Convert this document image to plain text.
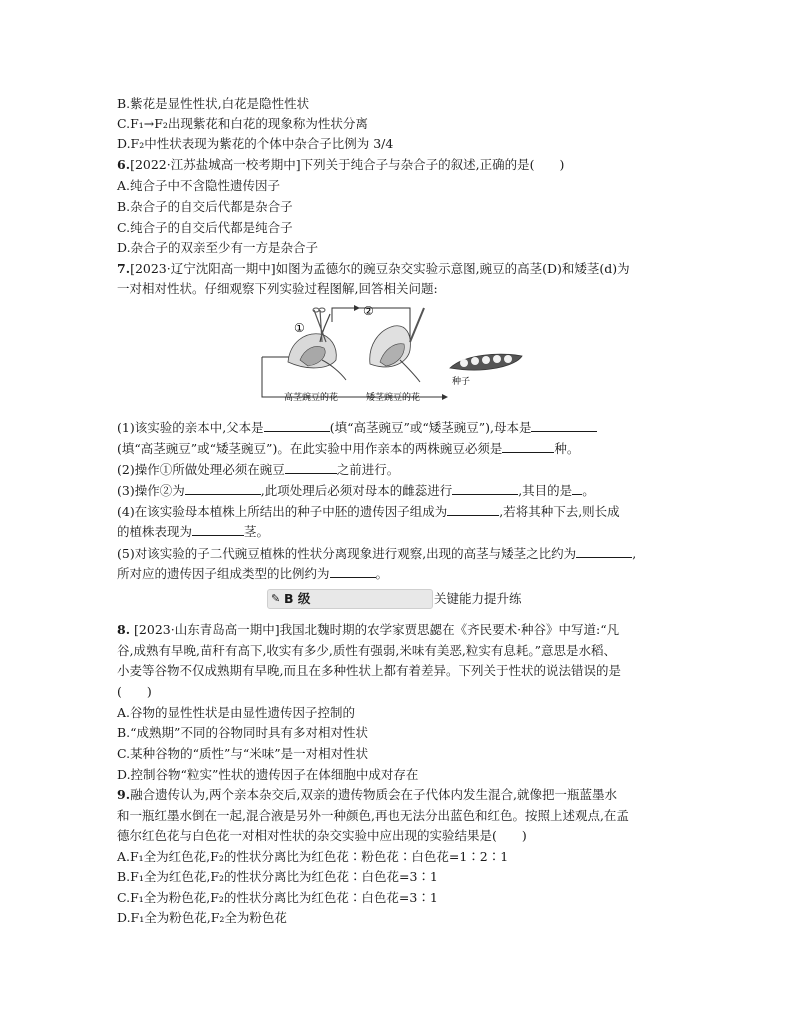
B.紫花是显性性状,白花是隐性性状
C.F₁→F₂出现紫花和白花的现象称为性状分离
D.F₂中性状表现为紫花的个体中杂合子比例为 3/4
6.[2022·江苏盐城高一校考期中]下列关于纯合子与杂合子的叙述,正确的是(　　)
A.纯合子中不含隐性遗传因子
B.杂合子的自交后代都是杂合子
C.纯合子的自交后代都是纯合子
D.杂合子的双亲至少有一方是杂合子
7.[2023·辽宁沈阳高一期中]如图为孟德尔的豌豆杂交实验示意图,豌豆的高茎(D)和矮茎(d)为
一对相对性状。仔细观察下列实验过程图解,回答相关问题:
①
②
高茎豌豆的花	矮茎豌豆的花
种子
(1)该实验的亲本中,父本是	(填“高茎豌豆”或“矮茎豌豆”),母本是
(填“高茎豌豆”或“矮茎豌豆”)。在此实验中用作亲本的两株豌豆必须是	种。
(2)操作①所做处理必须在豌豆	之前进行。
(3)操作②为	,此项处理后必须对母本的雌蕊进行	,其目的是 。
(4)在该实验母本植株上所结出的种子中胚的遗传因子组成为	,若将其种下去,则长成
的植株表现为	茎。
(5)对该实验的子二代豌豆植株的性状分离现象进行观察,出现的高茎与矮茎之比约为	,
所对应的遗传因子组成类型的比例约为	。
✎ B 级	关键能力提升练
8. [2023·山东青岛高一期中]我国北魏时期的农学家贾思勰在《齐民要术·种谷》中写道:“凡
谷,成熟有早晚,苗秆有高下,收实有多少,质性有强弱,米味有美恶,粒实有息耗。”意思是水稻、
小麦等谷物不仅成熟期有早晚,而且在多种性状上都有着差异。下列关于性状的说法错误的是
(　　)
A.谷物的显性性状是由显性遗传因子控制的
B.“成熟期”不同的谷物同时具有多对相对性状
C.某种谷物的“质性”与“米味”是一对相对性状
D.控制谷物“粒实”性状的遗传因子在体细胞中成对存在
9.融合遗传认为,两个亲本杂交后,双亲的遗传物质会在子代体内发生混合,就像把一瓶蓝墨水
和一瓶红墨水倒在一起,混合液是另外一种颜色,再也无法分出蓝色和红色。按照上述观点,在孟
德尔红色花与白色花一对相对性状的杂交实验中应出现的实验结果是(　　)
A.F₁全为红色花,F₂的性状分离比为红色花∶粉色花∶白色花=1∶2∶1
B.F₁全为红色花,F₂的性状分离比为红色花∶白色花=3∶1
C.F₁全为粉色花,F₂的性状分离比为红色花∶白色花=3∶1
D.F₁全为粉色花,F₂全为粉色花
